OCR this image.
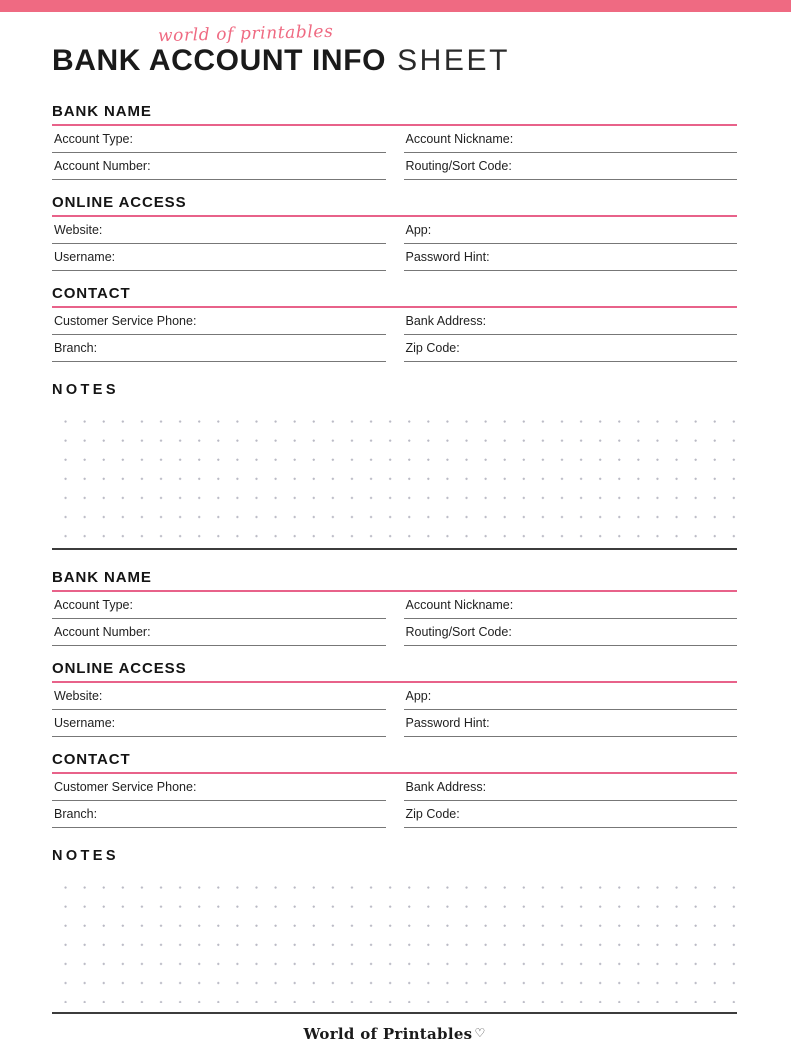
world of printables
BANK ACCOUNT INFO SHEET
BANK NAME
Account Type:	Account Nickname:
Account Number:	Routing/Sort Code:
ONLINE ACCESS
Website:	App:
Username:	Password Hint:
CONTACT
Customer Service Phone:	Bank Address:
Branch:	Zip Code:
NOTES
BANK NAME
Account Type:	Account Nickname:
Account Number:	Routing/Sort Code:
ONLINE ACCESS
Website:	App:
Username:	Password Hint:
CONTACT
Customer Service Phone:	Bank Address:
Branch:	Zip Code:
NOTES
World of Printables ♡
